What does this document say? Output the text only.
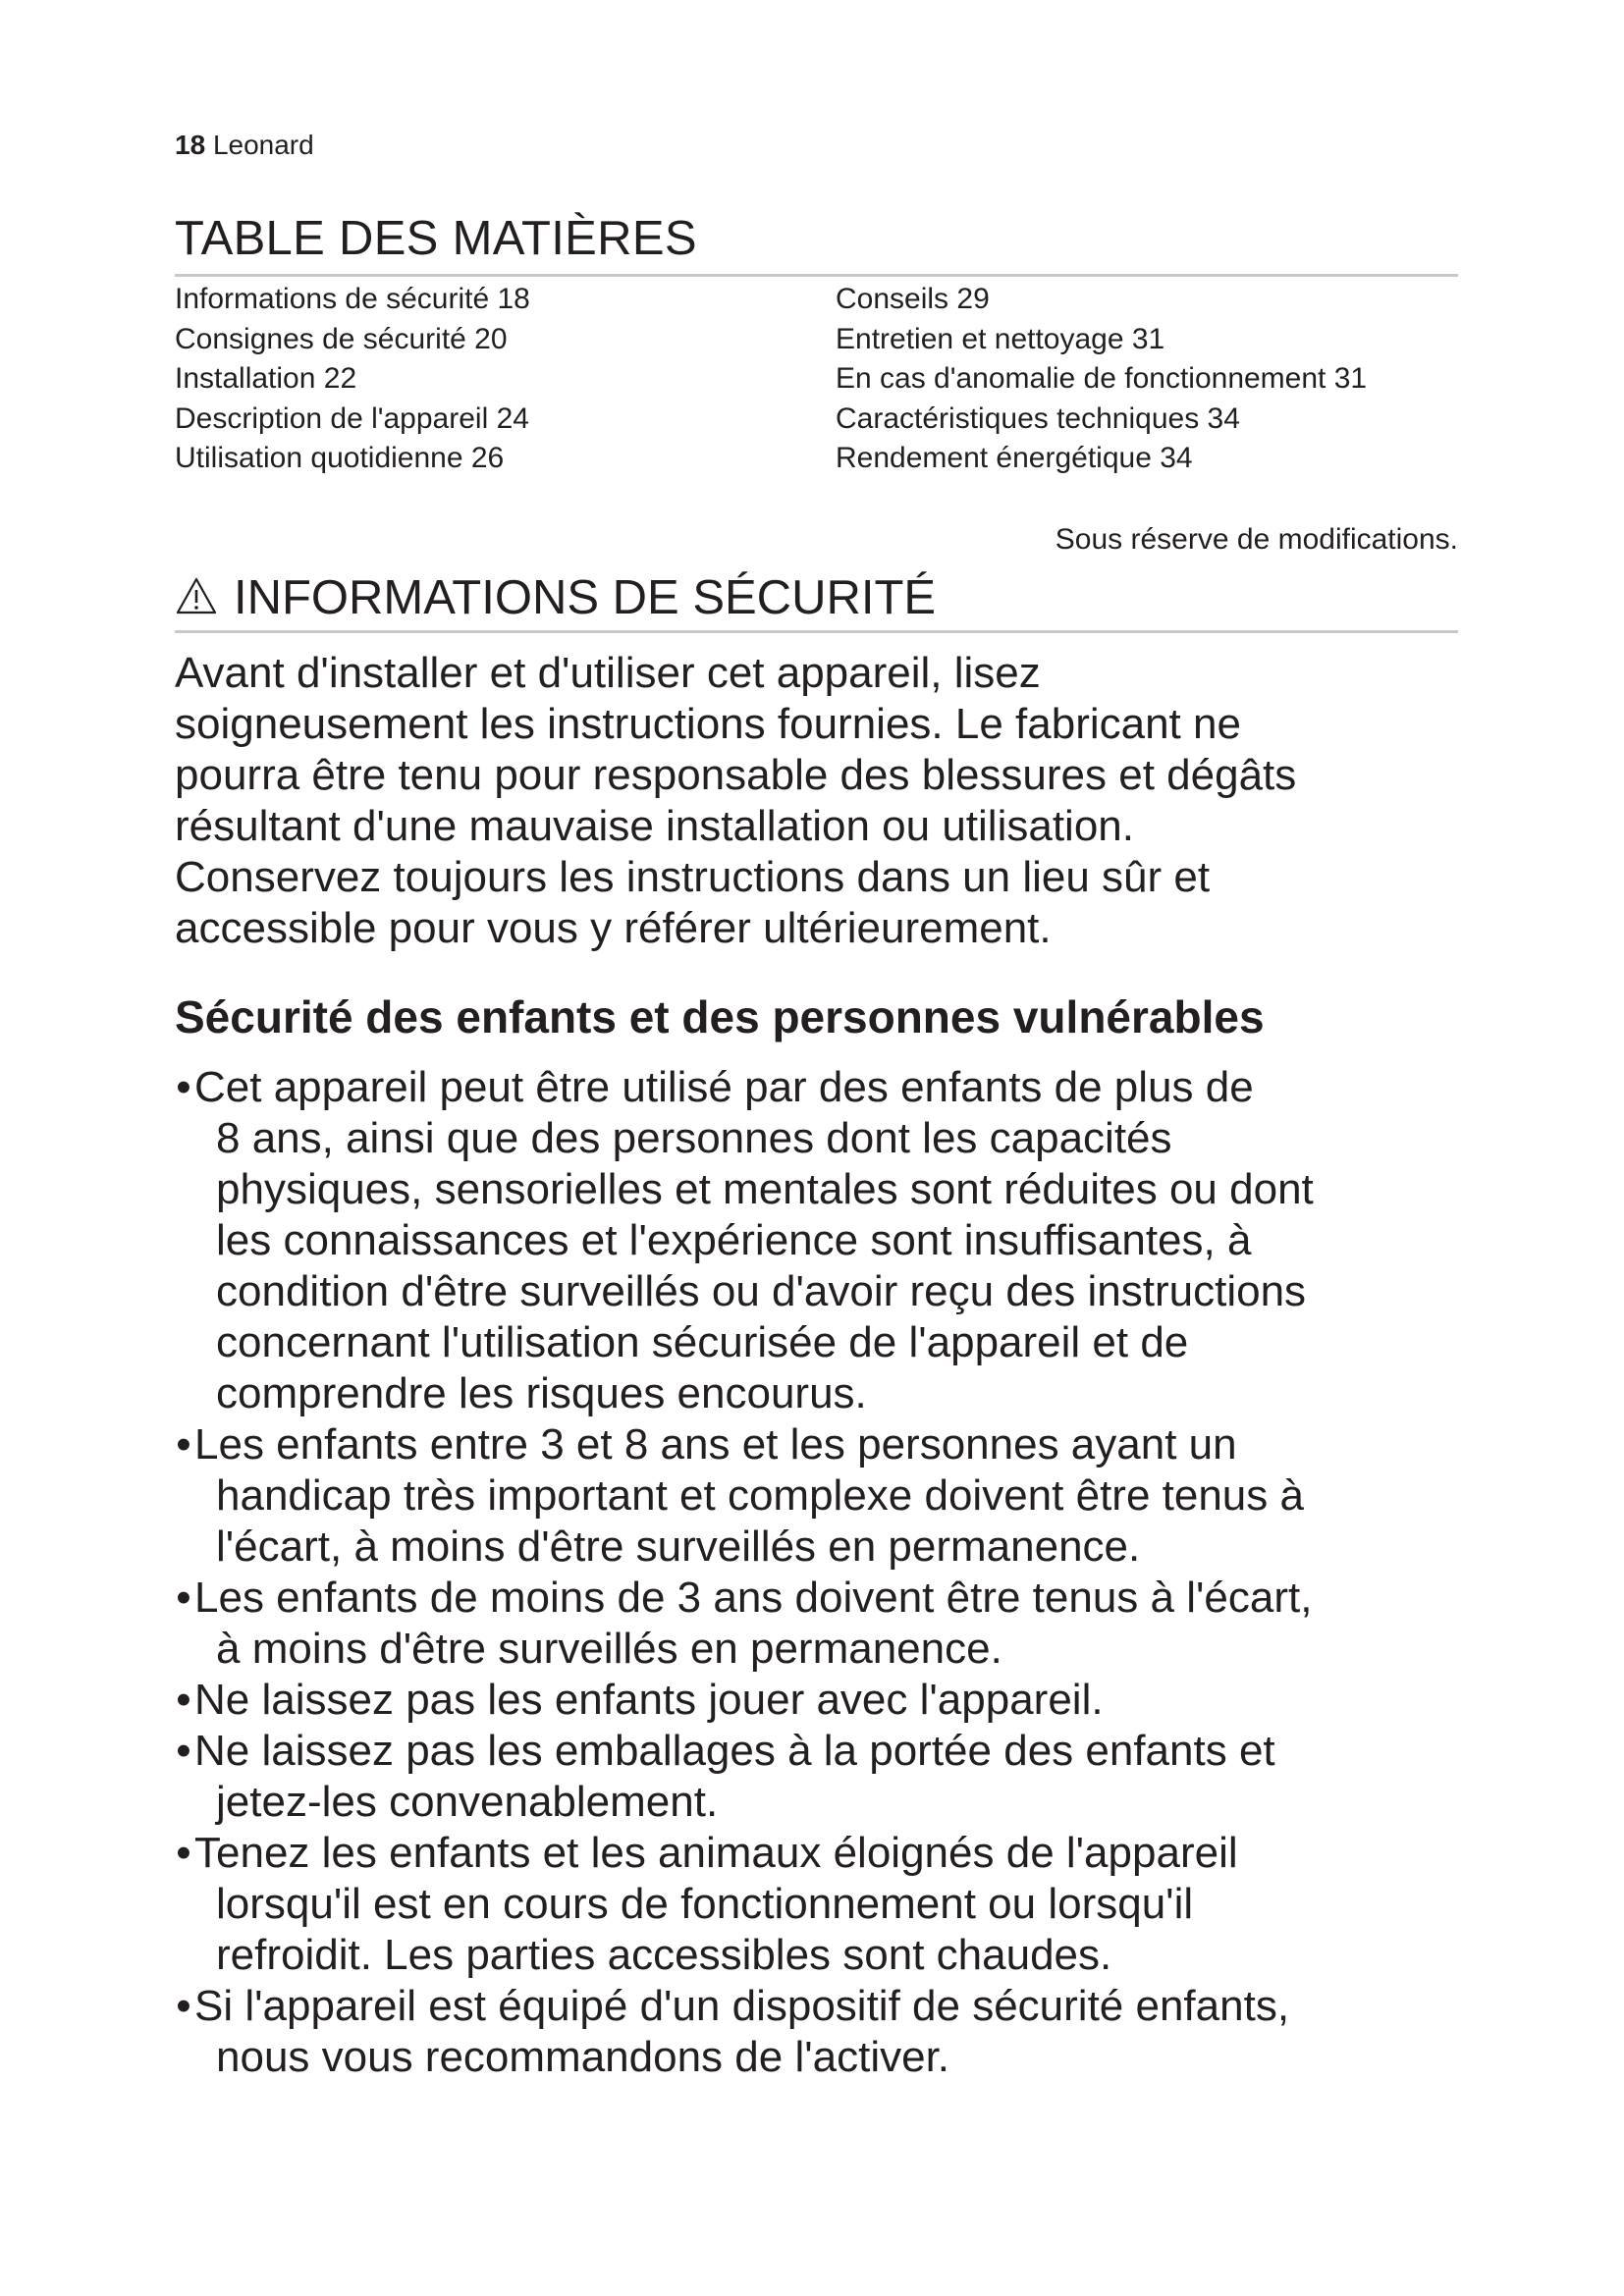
18 Leonard
TABLE DES MATIÈRES
Informations de sécurité 18
Consignes de sécurité 20
Installation 22
Description de l'appareil 24
Utilisation quotidienne 26
Conseils 29
Entretien et nettoyage 31
En cas d'anomalie de fonctionnement 31
Caractéristiques techniques 34
Rendement énergétique 34
Sous réserve de modifications.
INFORMATIONS DE SÉCURITÉ
Avant d'installer et d'utiliser cet appareil, lisez
soigneusement les instructions fournies. Le fabricant ne
pourra être tenu pour responsable des blessures et dégâts
résultant d'une mauvaise installation ou utilisation.
Conservez toujours les instructions dans un lieu sûr et
accessible pour vous y référer ultérieurement.
Sécurité des enfants et des personnes vulnérables
• Cet appareil peut être utilisé par des enfants de plus de
8 ans, ainsi que des personnes dont les capacités
physiques, sensorielles et mentales sont réduites ou dont
les connaissances et l'expérience sont insuffisantes, à
condition d'être surveillés ou d'avoir reçu des instructions
concernant l'utilisation sécurisée de l'appareil et de
comprendre les risques encourus.
• Les enfants entre 3 et 8 ans et les personnes ayant un
handicap très important et complexe doivent être tenus à
l'écart, à moins d'être surveillés en permanence.
• Les enfants de moins de 3 ans doivent être tenus à l'écart,
à moins d'être surveillés en permanence.
• Ne laissez pas les enfants jouer avec l'appareil.
• Ne laissez pas les emballages à la portée des enfants et
jetez-les convenablement.
• Tenez les enfants et les animaux éloignés de l'appareil
lorsqu'il est en cours de fonctionnement ou lorsqu'il
refroidit. Les parties accessibles sont chaudes.
• Si l'appareil est équipé d'un dispositif de sécurité enfants,
nous vous recommandons de l'activer.
